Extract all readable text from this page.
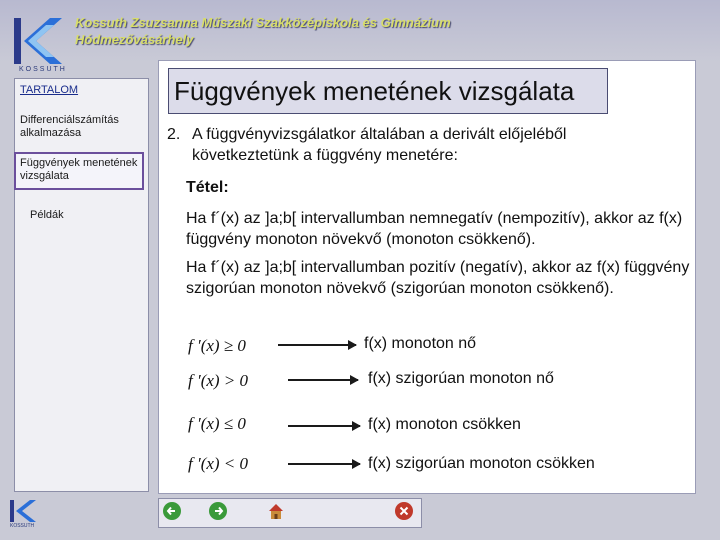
KOSSUTH
Kossuth Zsuzsanna Műszaki Szakközépiskola és Gimnázium
Hódmezővásárhely
TARTALOM
Differenciálszámítás alkalmazása
Függvények menetének vizsgálata
Példák
Függvények menetének vizsgálata
2. A függvényvizsgálatkor általában a derivált előjeléből következtetünk a függvény menetére:
Tétel:
Ha f´(x) az ]a;b[ intervallumban nemnegatív (nempozitív), akkor az f(x) függvény monoton növekvő (monoton csökkenő).
Ha f´(x) az ]a;b[ intervallumban pozitív (negatív), akkor az f(x) függvény szigorúan monoton növekvő (szigorúan monoton csökkenő).
f ′(x) ≥ 0	f(x) monoton nő
f ′(x) > 0	f(x) szigorúan monoton nő
f ′(x) ≤ 0	f(x) monoton csökken
f ′(x) < 0	f(x) szigorúan monoton csökken
KOSSUTH
